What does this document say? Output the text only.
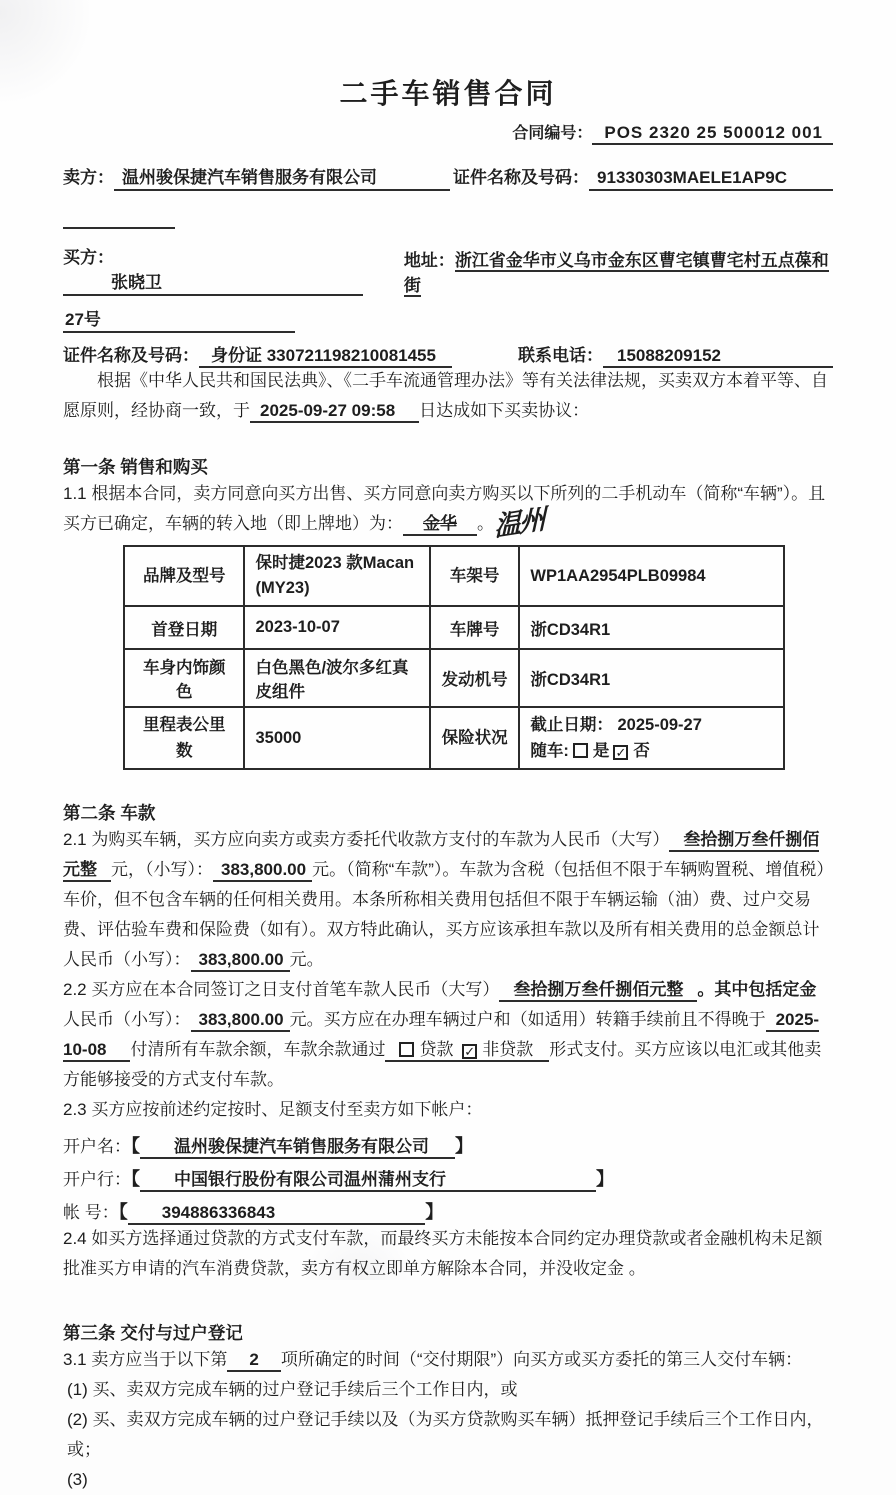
二手车销售合同
合同编号： POS 2320 25 500012 001
卖方： 温州骏保捷汽车销售服务有限公司	证件名称及号码： 91330303MAELE1AP9C
买方：张晓卫
地址：浙江省金华市义乌市金东区曹宅镇曹宅村五点葆和街
27号
证件名称及号码： 身份证 330721198210081455	联系电话： 15088209152

根据《中华人民共和国民法典》、《二手车流通管理办法》等有关法律法规，买卖双方本着平等、自愿原则，经协商一致，于 2025-09-27 09:58 日达成如下买卖协议：

第一条 销售和购买

1.1 根据本合同，卖方同意向买方出售、买方同意向卖方购买以下所列的二手机动车（简称“车辆”）。且买方已确定，车辆的转入地（即上牌地）为： 金华 。温州

品牌及型号	保时捷2023 款Macan (MY23)	车架号	WP1AA2954PLB09984
首登日期	2023-10-07	车牌号	浙CD34R1
车身内饰颜色	白色黑色/波尔多红真皮组件	发动机号	浙CD34R1
里程表公里数	35000	保险状况	截止日期： 2025-09-27
随车: 是 ✓ 否
第二条 车款

2.1 为购买车辆，买方应向卖方或卖方委托代收款方支付的车款为人民币（大写） 叁拾捌万叁仟捌佰元整 元，（小写）： 383,800.00 元。（简称“车款”）。车款为含税（包括但不限于车辆购置税、增值税）车价，但不包含车辆的任何相关费用。本条所称相关费用包括但不限于车辆运输（油）费、过户交易费、评估验车费和保险费（如有）。双方特此确认，买方应该承担车款以及所有相关费用的总金额总计人民币（小写）： 383,800.00 元。

2.2 买方应在本合同签订之日支付首笔车款人民币（大写） 叁拾捌万叁仟捌佰元整 。其中包括定金人民币（小写）： 383,800.00 元。买方应在办理车辆过户和（如适用）转籍手续前且不得晚于 2025-10-08 付清所有车款余额，车款余款通过 贷款 ✓ 非贷款 形式支付。买方应该以电汇或其他卖方能够接受的方式支付车款。

2.3 买方应按前述约定按时、足额支付至卖方如下帐户：

开户名：【 温州骏保捷汽车销售服务有限公司 】
开户行：【 中国银行股份有限公司温州蒲州支行	】
帐 号：【 394886336843	】

2.4 如买方选择通过贷款的方式支付车款，而最终买方未能按本合同约定办理贷款或者金融机构未足额批准买方申请的汽车消费贷款，卖方有权立即单方解除本合同，并没收定金 。

第三条 交付与过户登记

3.1 卖方应当于以下第 2 项所确定的时间（“交付期限”）向买方或买方委托的第三人交付车辆：

(1) 买、卖双方完成车辆的过户登记手续后三个工作日内，或

(2) 买、卖双方完成车辆的过户登记手续以及（为买方贷款购买车辆）抵押登记手续后三个工作日内，或；

(3)
